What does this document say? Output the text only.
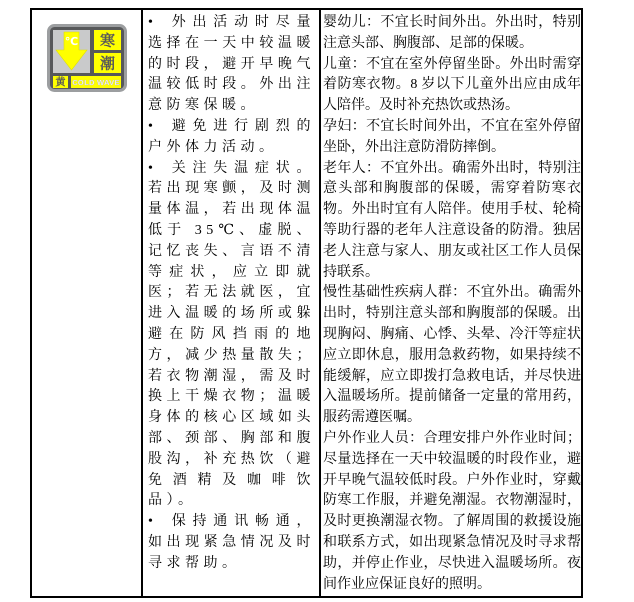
℃ 寒
潮
黄 COLD WAVE

• 外出活动时尽量选择在一天中较温暖的时段，避开早晚气温较低时段。外出注意防寒保暖。

• 避免进行剧烈的户外体力活动。

• 关注失温症状。若出现寒颤，及时测量体温，若出现体温低于 35℃、虚脱、记忆丧失、言语不清等症状，应立即就医；若无法就医，宜进入温暖的场所或躲避在防风挡雨的地方，减少热量散失；若衣物潮湿，需及时换上干燥衣物；温暖身体的核心区域如头部、颈部、胸部和腹股沟，补充热饮（避免酒精及咖啡饮品）。

• 保持通讯畅通，如出现紧急情况及时寻求帮助。

婴幼儿：不宜长时间外出。外出时，特别注意头部、胸腹部、足部的保暖。

儿童：不宜在室外停留坐卧。外出时需穿着防寒衣物。8 岁以下儿童外出应由成年人陪伴。及时补充热饮或热汤。

孕妇：不宜长时间外出，不宜在室外停留坐卧，外出注意防滑防摔倒。

老年人：不宜外出。确需外出时，特别注意头部和胸腹部的保暖，需穿着防寒衣物。外出时宜有人陪伴。使用手杖、轮椅等助行器的老年人注意设备的防滑。独居老人注意与家人、朋友或社区工作人员保持联系。

慢性基础性疾病人群：不宜外出。确需外出时，特别注意头部和胸腹部的保暖。出现胸闷、胸痛、心悸、头晕、冷汗等症状应立即休息，服用急救药物，如果持续不能缓解，应立即拨打急救电话，并尽快进入温暖场所。提前储备一定量的常用药，服药需遵医嘱。

户外作业人员：合理安排户外作业时间；尽量选择在一天中较温暖的时段作业，避开早晚气温较低时段。户外作业时，穿戴防寒工作服，并避免潮湿。衣物潮湿时，及时更换潮湿衣物。了解周围的救援设施和联系方式，如出现紧急情况及时寻求帮助，并停止作业，尽快进入温暖场所。夜间作业应保证良好的照明。
